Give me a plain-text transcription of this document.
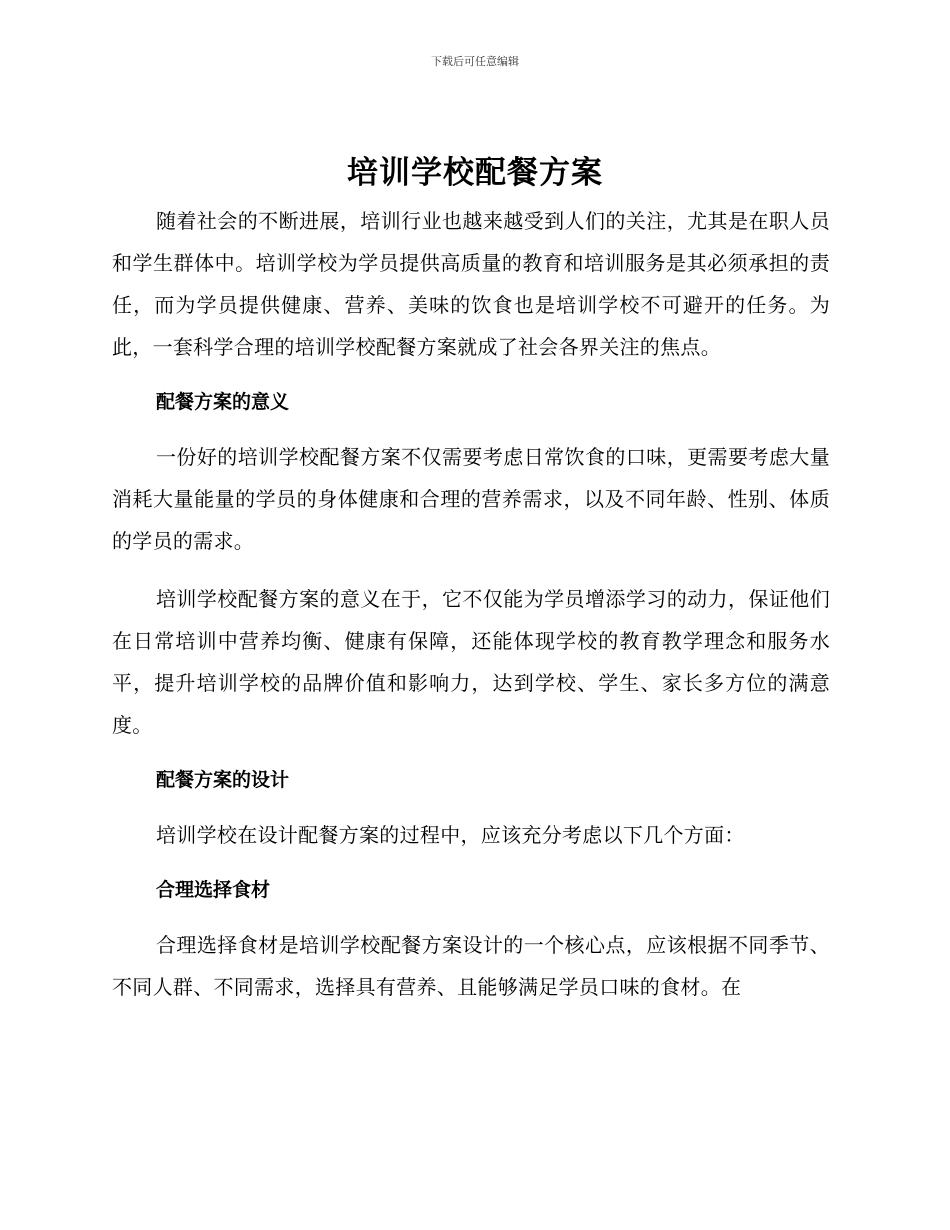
下载后可任意编辑
培训学校配餐方案

随着社会的不断进展，培训行业也越来越受到人们的关注，尤其是在职人员和学生群体中。培训学校为学员提供高质量的教育和培训服务是其必须承担的责任，而为学员提供健康、营养、美味的饮食也是培训学校不可避开的任务。为此，一套科学合理的培训学校配餐方案就成了社会各界关注的焦点。

配餐方案的意义

一份好的培训学校配餐方案不仅需要考虑日常饮食的口味，更需要考虑大量消耗大量能量的学员的身体健康和合理的营养需求，以及不同年龄、性别、体质的学员的需求。

培训学校配餐方案的意义在于，它不仅能为学员增添学习的动力，保证他们在日常培训中营养均衡、健康有保障，还能体现学校的教育教学理念和服务水平，提升培训学校的品牌价值和影响力，达到学校、学生、家长多方位的满意度。

配餐方案的设计

培训学校在设计配餐方案的过程中，应该充分考虑以下几个方面：

合理选择食材

合理选择食材是培训学校配餐方案设计的一个核心点，应该根据不同季节、不同人群、不同需求，选择具有营养、且能够满足学员口味的食材。在
